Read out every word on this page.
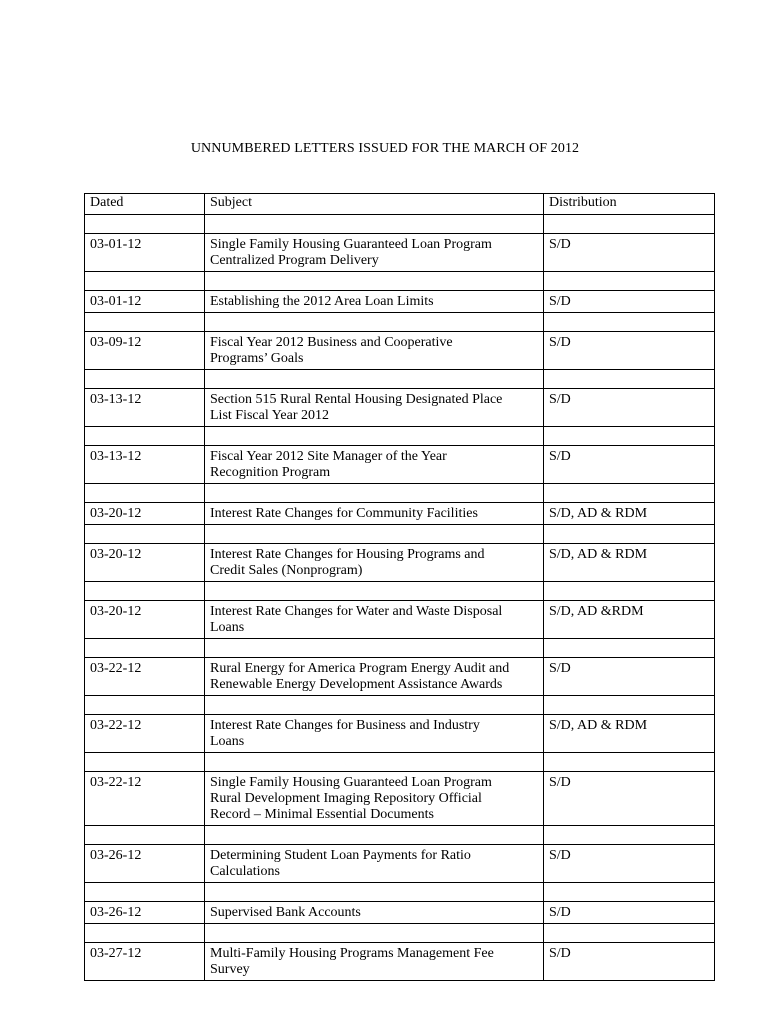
UNNUMBERED LETTERS ISSUED FOR THE MARCH OF 2012
Dated	Subject	Distribution

03-01-12	Single Family Housing Guaranteed Loan Program
Centralized Program Delivery	S/D

03-01-12	Establishing the 2012 Area Loan Limits	S/D

03-09-12	Fiscal Year 2012 Business and Cooperative
Programs’ Goals	S/D

03-13-12	Section 515 Rural Rental Housing Designated Place
List Fiscal Year 2012	S/D

03-13-12	Fiscal Year 2012 Site Manager of the Year
Recognition Program	S/D

03-20-12	Interest Rate Changes for Community Facilities	S/D, AD & RDM

03-20-12	Interest Rate Changes for Housing Programs and
Credit Sales (Nonprogram)	S/D, AD & RDM

03-20-12	Interest Rate Changes for Water and Waste Disposal
Loans	S/D, AD &RDM

03-22-12	Rural Energy for America Program Energy Audit and
Renewable Energy Development Assistance Awards	S/D

03-22-12	Interest Rate Changes for Business and Industry
Loans	S/D, AD & RDM

03-22-12	Single Family Housing Guaranteed Loan Program
Rural Development Imaging Repository Official
Record – Minimal Essential Documents	S/D

03-26-12	Determining Student Loan Payments for Ratio
Calculations	S/D

03-26-12	Supervised Bank Accounts	S/D

03-27-12	Multi-Family Housing Programs Management Fee
Survey	S/D
